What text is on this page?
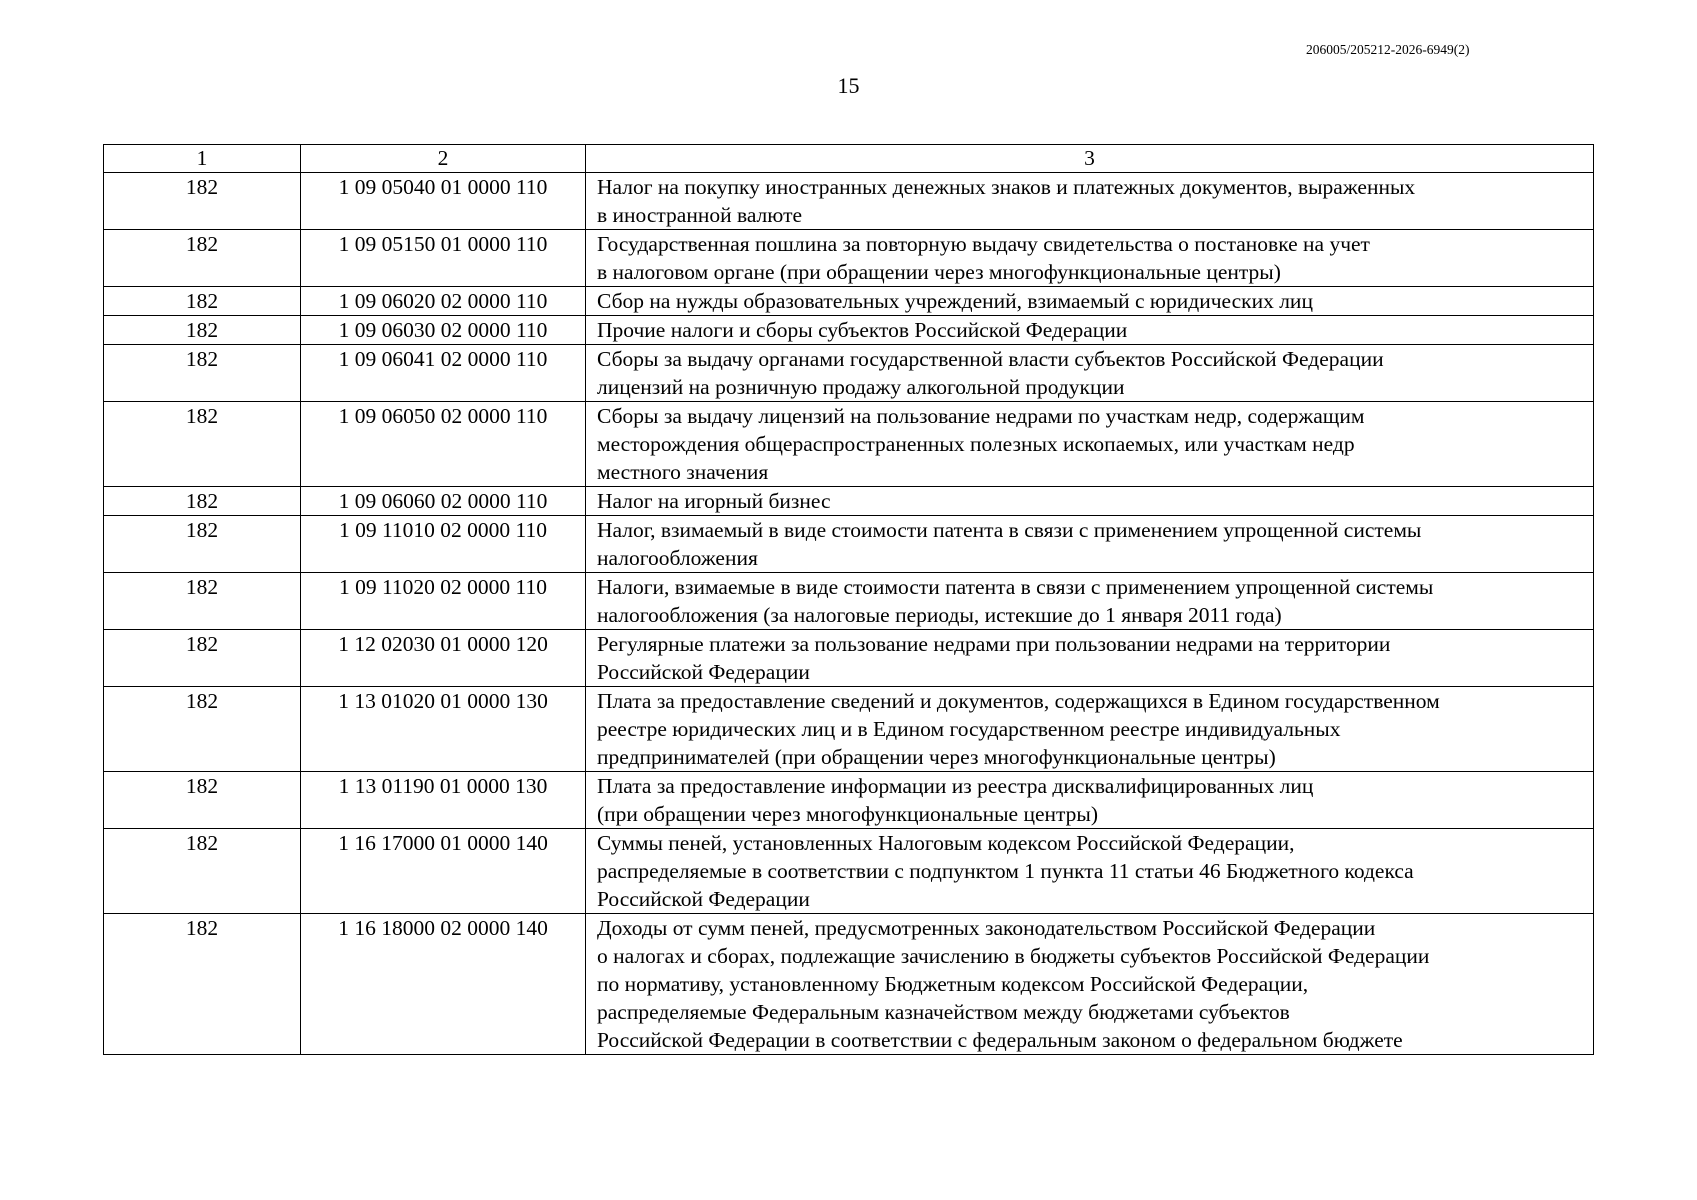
206005/205212-2026-6949(2)
15
1	2	3
182	1 09 05040 01 0000 110	Налог на покупку иностранных денежных знаков и платежных документов, выраженных
в иностранной валюте

182	1 09 05150 01 0000 110	Государственная пошлина за повторную выдачу свидетельства о постановке на учет
в налоговом органе (при обращении через многофункциональные центры)

182	1 09 06020 02 0000 110	Сбор на нужды образовательных учреждений, взимаемый с юридических лиц

182	1 09 06030 02 0000 110	Прочие налоги и сборы субъектов Российской Федерации

182	1 09 06041 02 0000 110	Сборы за выдачу органами государственной власти субъектов Российской Федерации
лицензий на розничную продажу алкогольной продукции

182	1 09 06050 02 0000 110	Сборы за выдачу лицензий на пользование недрами по участкам недр, содержащим
месторождения общераспространенных полезных ископаемых, или участкам недр
местного значения

182	1 09 06060 02 0000 110	Налог на игорный бизнес

182	1 09 11010 02 0000 110	Налог, взимаемый в виде стоимости патента в связи с применением упрощенной системы
налогообложения

182	1 09 11020 02 0000 110	Налоги, взимаемые в виде стоимости патента в связи с применением упрощенной системы
налогообложения (за налоговые периоды, истекшие до 1 января 2011 года)

182	1 12 02030 01 0000 120	Регулярные платежи за пользование недрами при пользовании недрами на территории
Российской Федерации

182	1 13 01020 01 0000 130	Плата за предоставление сведений и документов, содержащихся в Едином государственном
реестре юридических лиц и в Едином государственном реестре индивидуальных
предпринимателей (при обращении через многофункциональные центры)

182	1 13 01190 01 0000 130	Плата за предоставление информации из реестра дисквалифицированных лиц
(при обращении через многофункциональные центры)

182	1 16 17000 01 0000 140	Суммы пеней, установленных Налоговым кодексом Российской Федерации,
распределяемые в соответствии с подпунктом 1 пункта 11 статьи 46 Бюджетного кодекса
Российской Федерации

182	1 16 18000 02 0000 140	Доходы от сумм пеней, предусмотренных законодательством Российской Федерации
о налогах и сборах, подлежащие зачислению в бюджеты субъектов Российской Федерации
по нормативу, установленному Бюджетным кодексом Российской Федерации,
распределяемые Федеральным казначейством между бюджетами субъектов
Российской Федерации в соответствии с федеральным законом о федеральном бюджете
